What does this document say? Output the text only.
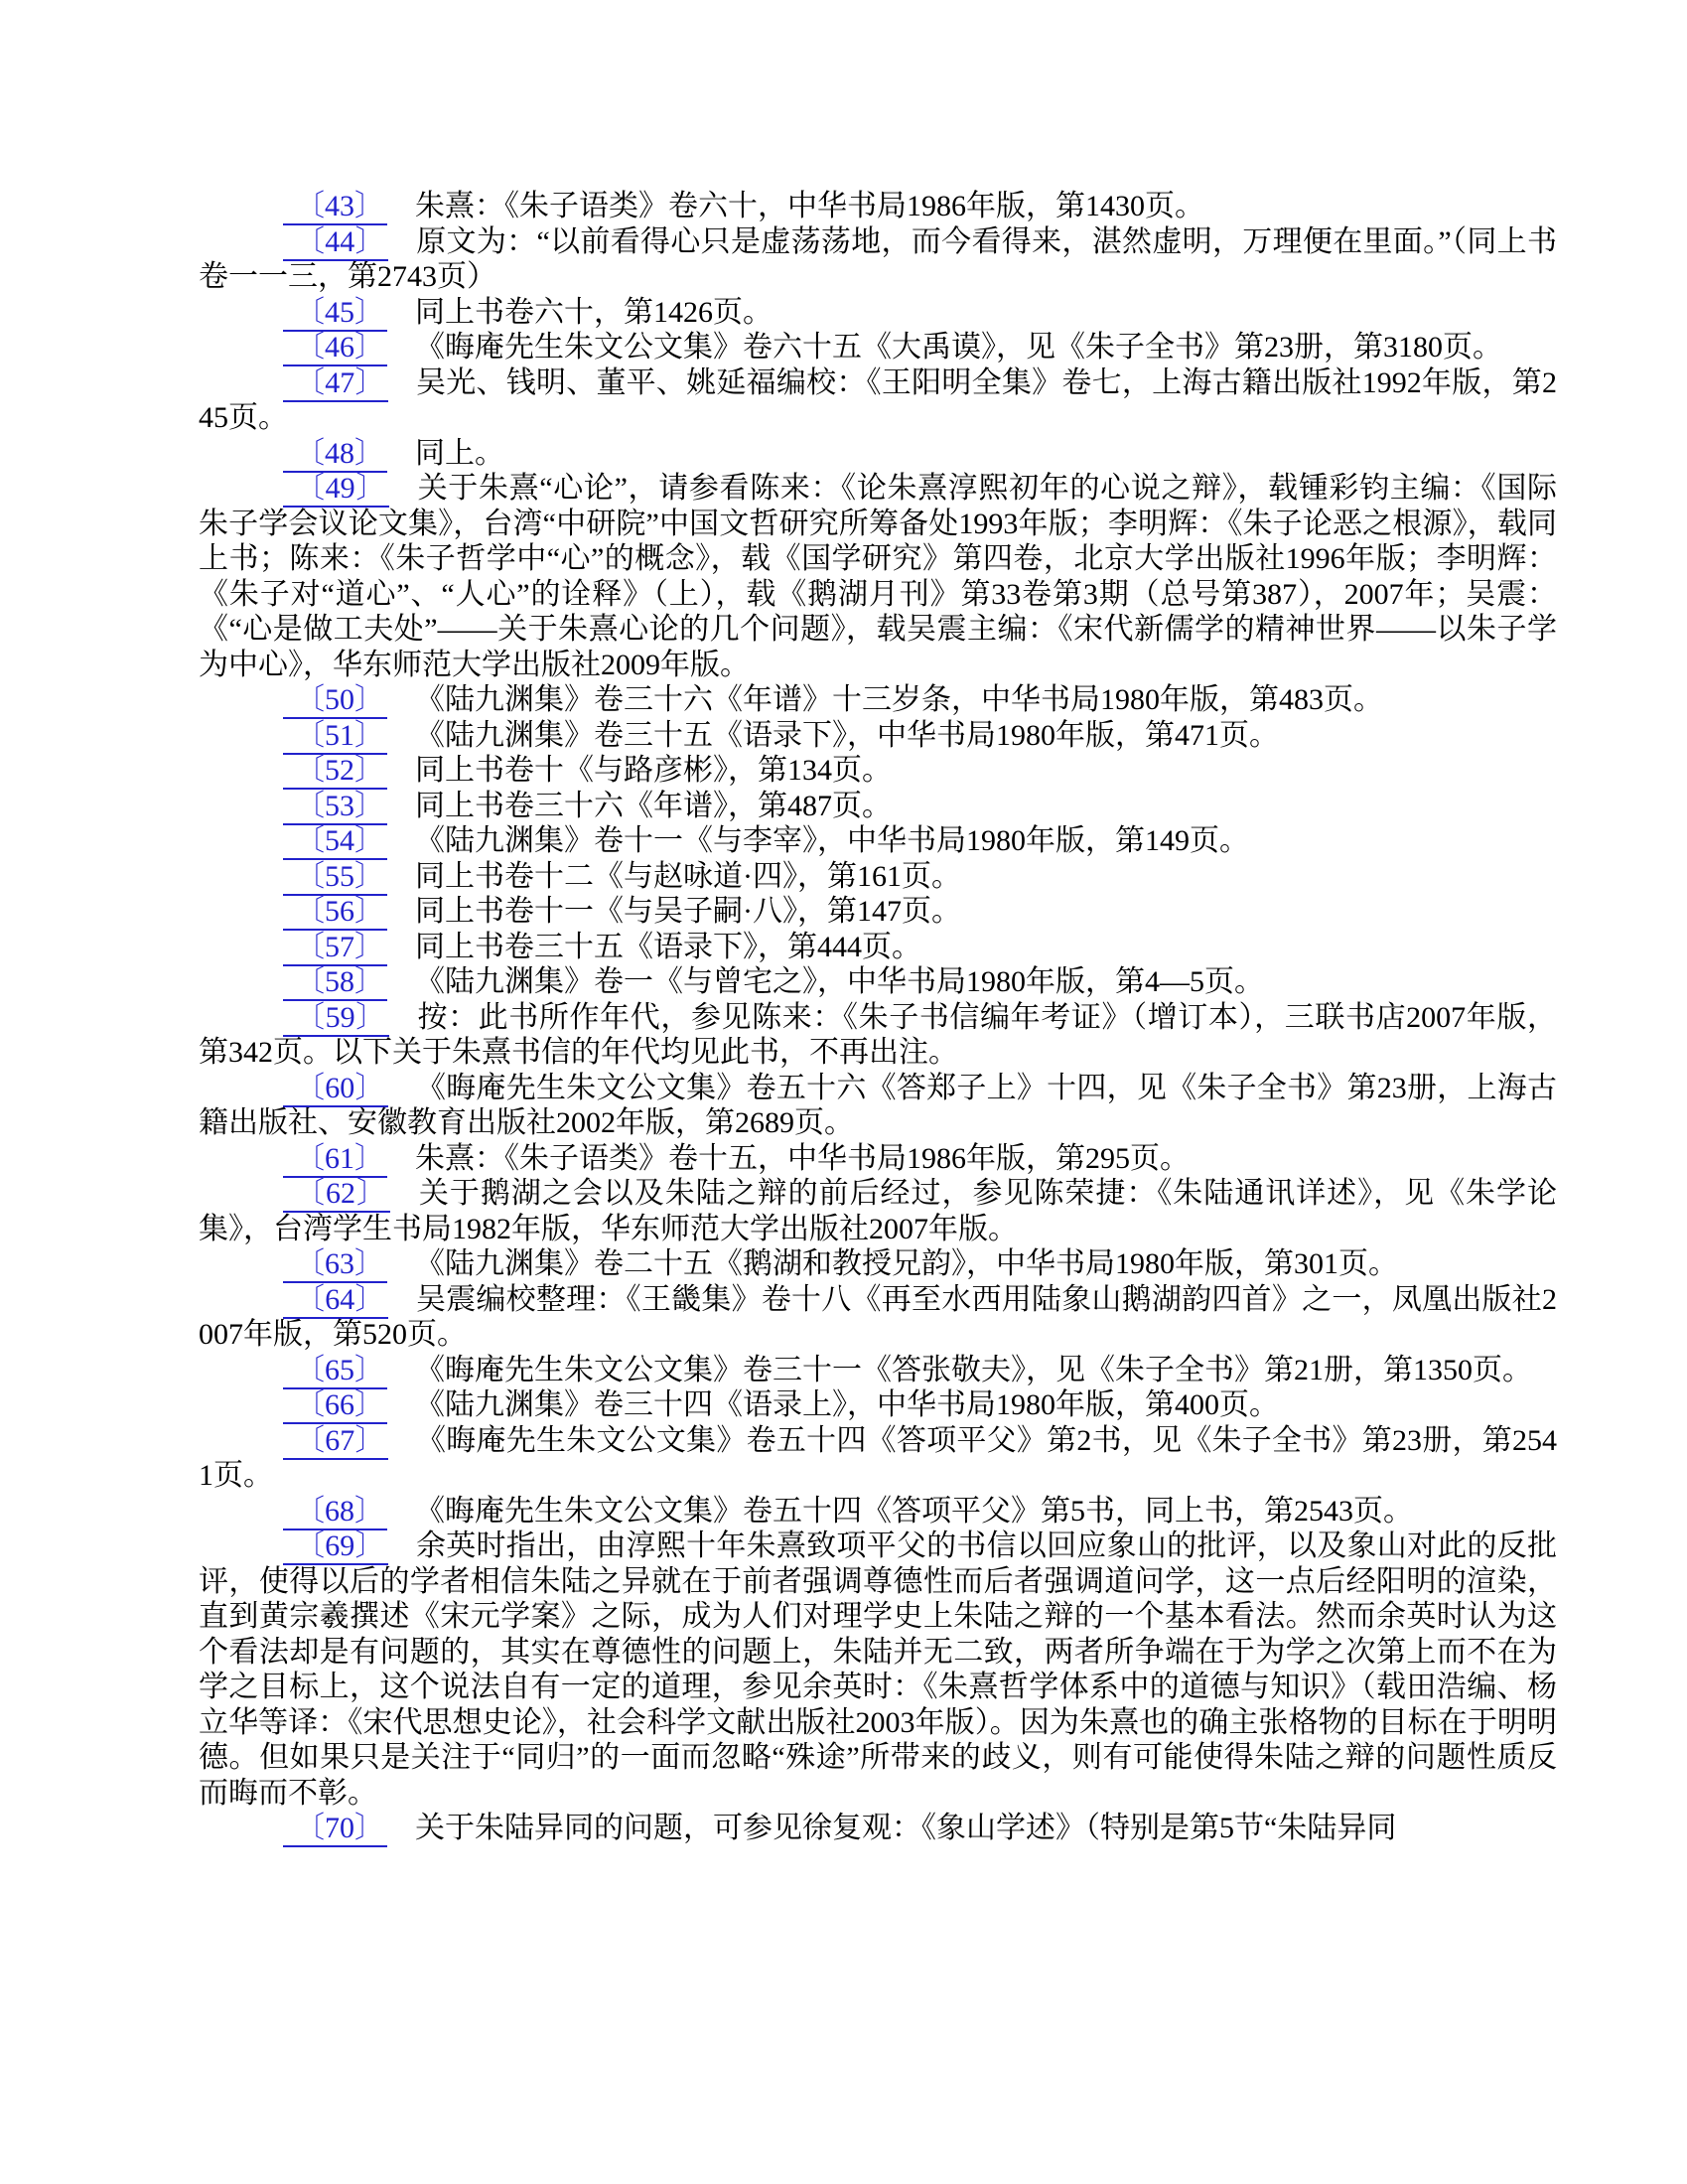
〔43〕 朱熹：《朱子语类》卷六十，中华书局1986年版，第1430页。

〔44〕 原文为：“以前看得心只是虚荡荡地，而今看得来，湛然虚明，万理便在里面。”（同上书卷一一三，第2743页）

〔45〕 同上书卷六十，第1426页。

〔46〕 《晦庵先生朱文公文集》卷六十五《大禹谟》，见《朱子全书》第23册，第3180页。

〔47〕 吴光、钱明、董平、姚延福编校：《王阳明全集》卷七，上海古籍出版社1992年版，第245页。

〔48〕 同上。

〔49〕 关于朱熹“心论”，请参看陈来：《论朱熹淳熙初年的心说之辩》，载锺彩钧主编：《国际朱子学会议论文集》，台湾“中研院”中国文哲研究所筹备处1993年版；李明辉：《朱子论恶之根源》，载同上书；陈来：《朱子哲学中“心”的概念》，载《国学研究》第四卷，北京大学出版社1996年版；李明辉：《朱子对“道心”、“人心”的诠释》（上），载《鹅湖月刊》第33卷第3期（总号第387），2007年；吴震：《“心是做工夫处”——关于朱熹心论的几个问题》，载吴震主编：《宋代新儒学的精神世界——以朱子学为中心》，华东师范大学出版社2009年版。

〔50〕 《陆九渊集》卷三十六《年谱》十三岁条，中华书局1980年版，第483页。

〔51〕 《陆九渊集》卷三十五《语录下》，中华书局1980年版，第471页。

〔52〕 同上书卷十《与路彦彬》，第134页。

〔53〕 同上书卷三十六《年谱》，第487页。

〔54〕 《陆九渊集》卷十一《与李宰》，中华书局1980年版，第149页。

〔55〕 同上书卷十二《与赵咏道·四》，第161页。

〔56〕 同上书卷十一《与吴子嗣·八》，第147页。

〔57〕 同上书卷三十五《语录下》，第444页。

〔58〕 《陆九渊集》卷一《与曾宅之》，中华书局1980年版，第4—5页。

〔59〕 按：此书所作年代，参见陈来：《朱子书信编年考证》（增订本），三联书店2007年版，第342页。以下关于朱熹书信的年代均见此书，不再出注。

〔60〕 《晦庵先生朱文公文集》卷五十六《答郑子上》十四，见《朱子全书》第23册，上海古籍出版社、安徽教育出版社2002年版，第2689页。

〔61〕 朱熹：《朱子语类》卷十五，中华书局1986年版，第295页。

〔62〕 关于鹅湖之会以及朱陆之辩的前后经过，参见陈荣捷：《朱陆通讯详述》，见《朱学论集》，台湾学生书局1982年版，华东师范大学出版社2007年版。

〔63〕 《陆九渊集》卷二十五《鹅湖和教授兄韵》，中华书局1980年版，第301页。

〔64〕 吴震编校整理：《王畿集》卷十八《再至水西用陆象山鹅湖韵四首》之一，凤凰出版社2007年版，第520页。

〔65〕 《晦庵先生朱文公文集》卷三十一《答张敬夫》，见《朱子全书》第21册，第1350页。

〔66〕 《陆九渊集》卷三十四《语录上》，中华书局1980年版，第400页。

〔67〕 《晦庵先生朱文公文集》卷五十四《答项平父》第2书，见《朱子全书》第23册，第2541页。

〔68〕 《晦庵先生朱文公文集》卷五十四《答项平父》第5书，同上书，第2543页。

〔69〕 余英时指出，由淳熙十年朱熹致项平父的书信以回应象山的批评，以及象山对此的反批评，使得以后的学者相信朱陆之异就在于前者强调尊德性而后者强调道问学，这一点后经阳明的渲染，直到黄宗羲撰述《宋元学案》之际，成为人们对理学史上朱陆之辩的一个基本看法。然而余英时认为这个看法却是有问题的，其实在尊德性的问题上，朱陆并无二致，两者所争端在于为学之次第上而不在为学之目标上，这个说法自有一定的道理，参见余英时：《朱熹哲学体系中的道德与知识》（载田浩编、杨立华等译：《宋代思想史论》，社会科学文献出版社2003年版）。因为朱熹也的确主张格物的目标在于明明德。但如果只是关注于“同归”的一面而忽略“殊途”所带来的歧义，则有可能使得朱陆之辩的问题性质反而晦而不彰。

〔70〕 关于朱陆异同的问题，可参见徐复观：《象山学述》（特别是第5节“朱陆异同
